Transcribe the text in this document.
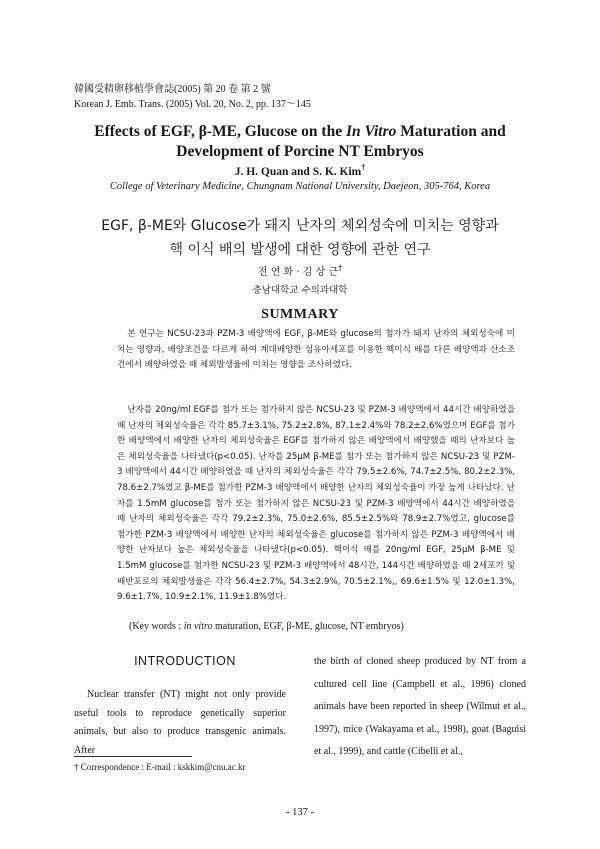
韓國受精卵移植學會誌(2005) 第 20 卷 第 2 號
Korean J. Emb. Trans. (2005) Vol. 20, No. 2, pp. 137～145
Effects of EGF, β-ME, Glucose on the In Vitro Maturation and Development of Porcine NT Embryos
J. H. Quan and S. K. Kim†
College of Veterinary Medicine, Chungnam National University, Daejeon, 305-764, Korea
EGF, β-ME와 Glucose가 돼지 난자의 체외성숙에 미치는 영향과
핵 이식 배의 발생에 대한 영향에 관한 연구
전 연 화 · 김 상 근†
충남대학교 수의과대학
SUMMARY

본 연구는 NCSU-23과 PZM-3 배양액에 EGF, β-ME와 glucose의 첨가가 돼지 난자의 체외성숙에 미치는 영향과, 배양조건을 다르게 하여 계대배양한 섬유아세포를 이용한 핵이식 배를 다른 배양액과 산소조건에서 배양하였을 때 체외발생율에 미치는 영향을 조사하였다.

난자를 20ng/ml EGF를 첨가 또는 첨가하지 않은 NCSU-23 및 PZM-3 배양액에서 44시간 배양하였을 때 난자의 체외성숙율은 각각 85.7±3.1%, 75.2±2.8%, 87.1±2.4%와 78.2±2.6%였으며 EGF를 첨가한 배양액에서 배양한 난자의 체외성숙율은 EGF를 첨가하지 않은 배양액에서 배양했을 때의 난자보다 높은 체외성숙율을 나타냈다(p<0.05). 난자를 25μM β-ME를 첨가 또는 첨가하지 않은 NCSU-23 및 PZM-3 배양액에서 44시간 배양하였을 때 난자의 체외성숙율은 각각 79.5±2.6%, 74.7±2.5%, 80.2±2.3%, 78.6±2.7%였고 β-ME를 첨가한 PZM-3 배양액에서 배양한 난자의 체외성숙율이 가장 높게 나타났다. 난자를 1.5mM glucose를 첨가 또는 첨가하지 않은 NCSU-23 및 PZM-3 배양액에서 44시간 배양하였을 때 난자의 체외성숙율은 각각 79.2±2.3%, 75.0±2.6%, 85.5±2.5%와 78.9±2.7%였고, glucose를 첨가한 PZM-3 배양액에서 배양한 난자의 체외성숙율은 glucose를 첨가하지 않은 PZM-3 배양액에서 배양한 난자보다 높은 체외성숙율을 나타냈다(p<0.05). 핵이식 배를 20ng/ml EGF, 25μM β-ME 및 1.5mM glucose를 첨가한 NCSU-23 및 PZM-3 배양액에서 48시간, 144시간 배양하였을 때 2세포기 및 배반포로의 체외발생율은 각각 56.4±2.7%, 54.3±2.9%, 70.5±2.1%,, 69.6±1.5% 및 12.0±1.3%, 9.6±1.7%, 10.9±2.1%, 11.9±1.8%였다.

(Key words : in vitro maturation, EGF, β-ME, glucose, NT embryos)
INTRODUCTION

Nuclear transfer (NT) might not only provide useful tools to reproduce genetically superior animals, but also to produce transgenic animals. After

the birth of cloned sheep produced by NT from a cultured cell line (Campbell et al., 1996) cloned animals have been reported in sheep (Wilmut et al., 1997), mice (Wakayama et al., 1998), goat (Baguisi et al., 1999), and cattle (Cibelli et al.,

† Correspondence : E-mail : kskkim@cnu.ac.kr
- 137 -
